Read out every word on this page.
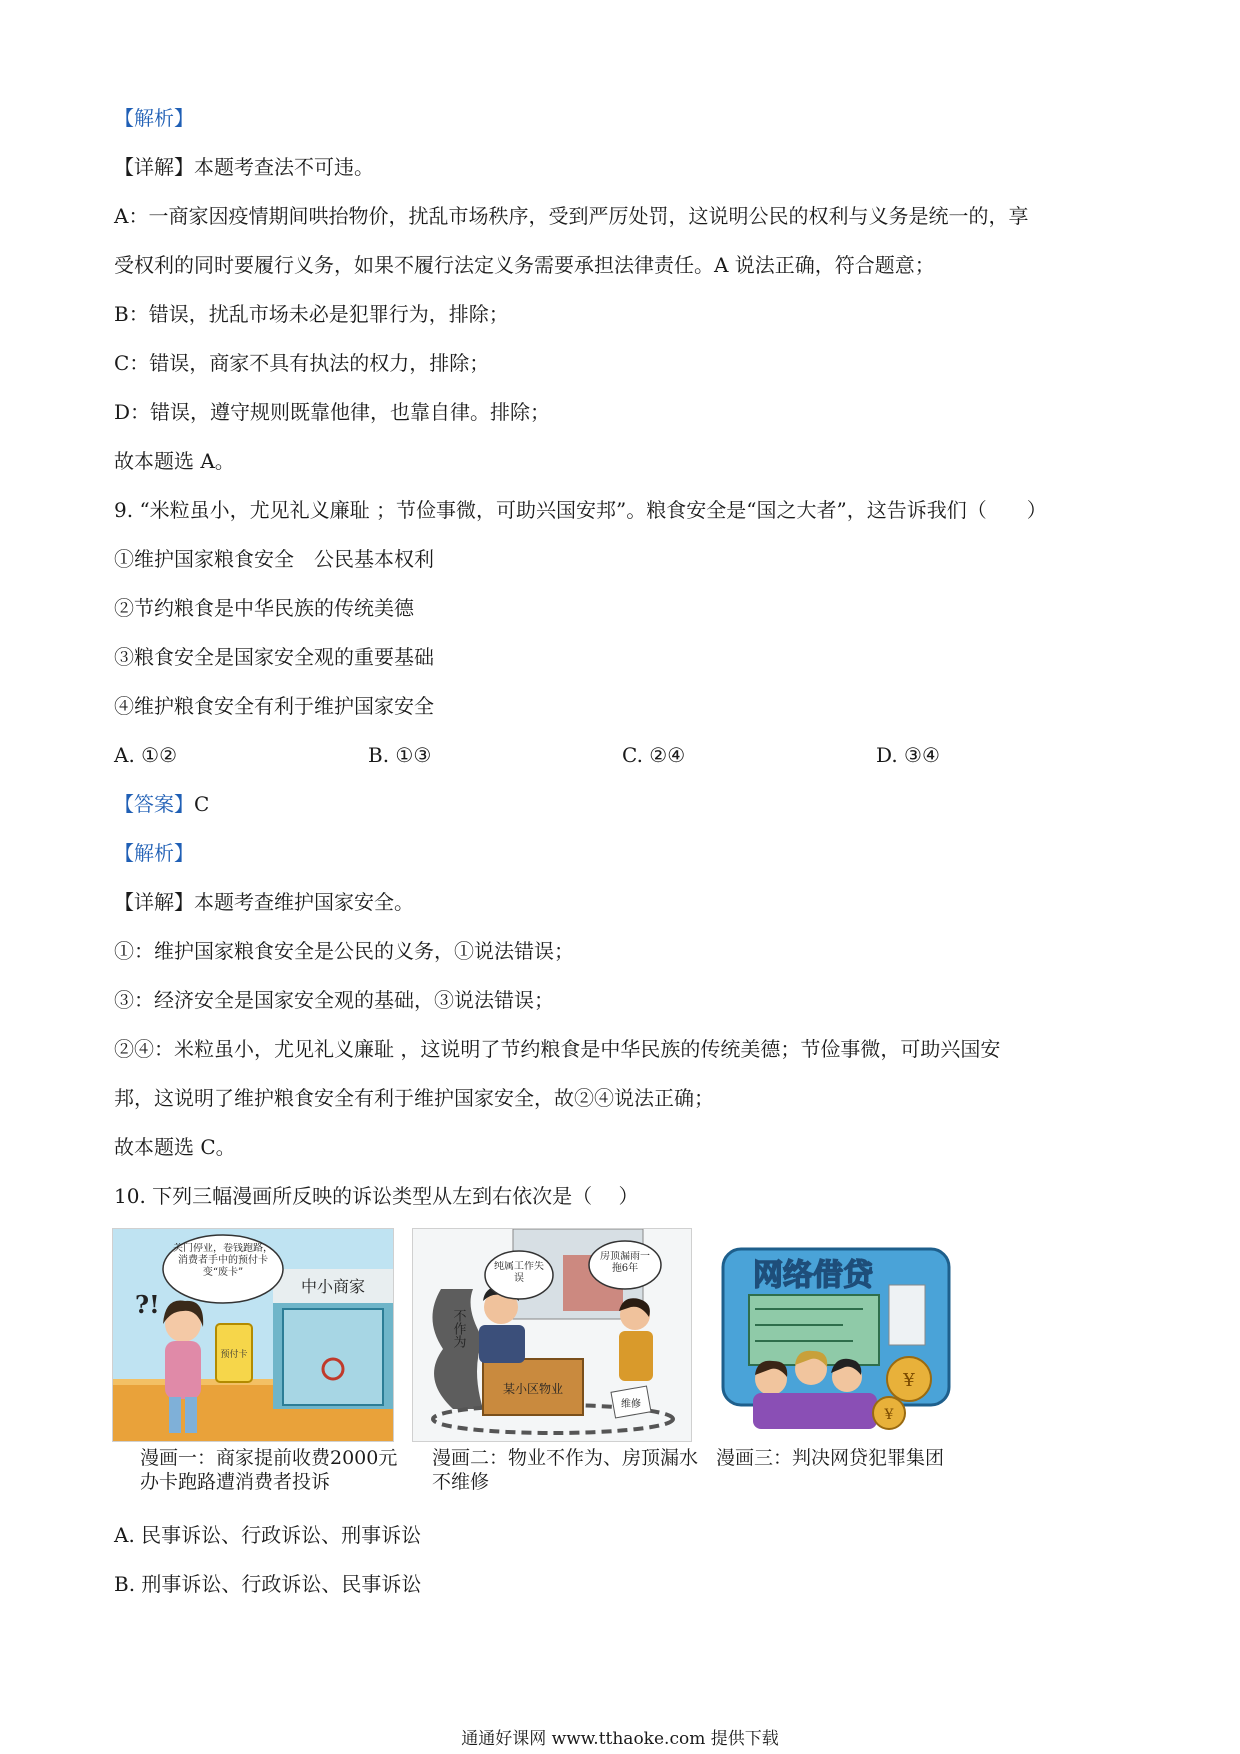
【解析】
【详解】本题考查法不可违。
A：一商家因疫情期间哄抬物价，扰乱市场秩序，受到严厉处罚，这说明公民的权利与义务是统一的，享
受权利的同时要履行义务，如果不履行法定义务需要承担法律责任。A 说法正确，符合题意；
B：错误，扰乱市场未必是犯罪行为，排除；
C：错误，商家不具有执法的权力，排除；
D：错误，遵守规则既靠他律，也靠自律。排除；
故本题选 A。
9. “米粒虽小，尤见礼义廉耻 ；节俭事微，可助兴国安邦”。粮食安全是“国之大者”，这告诉我们（　　）
①维护国家粮食安全　公民基本权利
②节约粮食是中华民族的传统美德
③粮食安全是国家安全观的重要基础
④维护粮食安全有利于维护国家安全
A. ①②	B. ①③	C. ②④	D. ③④
【答案】C
【解析】
【详解】本题考查维护国家安全。
①：维护国家粮食安全是公民的义务，①说法错误；
③：经济安全是国家安全观的基础，③说法错误；
②④：米粒虽小，尤见礼义廉耻 ，这说明了节约粮食是中华民族的传统美德；节俭事微，可助兴国安
邦，这说明了维护粮食安全有利于维护国家安全，故②④说法正确；
故本题选 C。
10. 下列三幅漫画所反映的诉讼类型从左到右依次是（　 ）
中小商家
关门停业，卷钱跑路，消费者手中的预付卡变“废卡”
预付卡
?!
漫画一：商家提前收费2000元办卡跑路遭消费者投诉
不作为
某小区物业
纯属工作失误
房顶漏雨一拖6年
维修
漫画二：物业不作为、房顶漏水不维修
网络借贷
¥
¥
漫画三：判决网贷犯罪集团
A. 民事诉讼、行政诉讼、刑事诉讼
B. 刑事诉讼、行政诉讼、民事诉讼
通通好课网 www.tthaoke.com 提供下载
